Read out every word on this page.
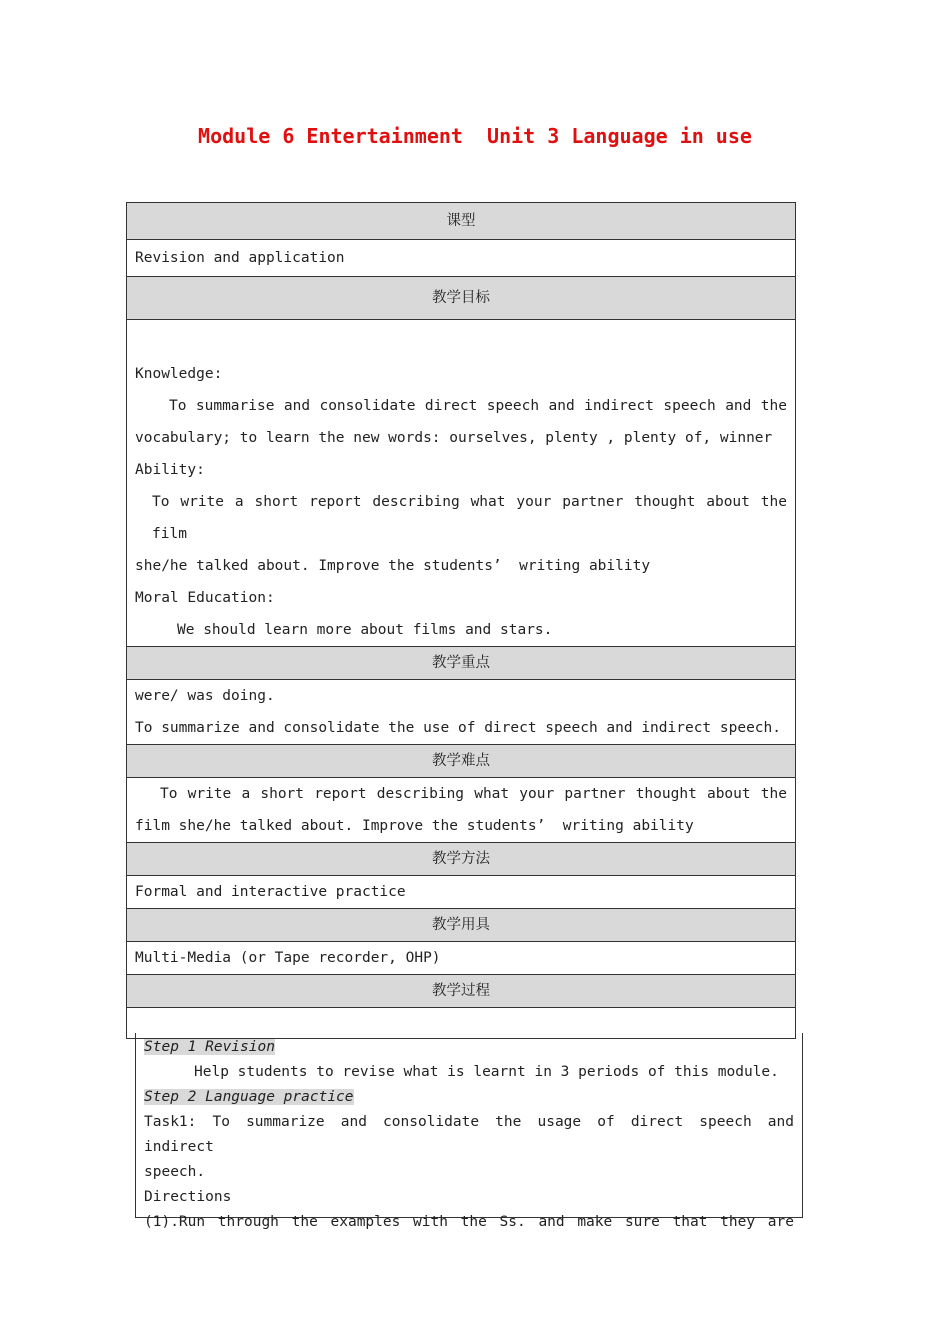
Module 6 Entertainment  Unit 3 Language in use
课型
Revision and application
教学目标

Knowledge:
To summarise and consolidate direct speech and indirect speech and the
vocabulary; to learn the new words: ourselves, plenty , plenty of, winner
Ability:
To write a short report describing what your partner thought about the film
she/he talked about. Improve the students’  writing ability
Moral Education:
We should learn more about films and stars.

教学重点

were/ was doing.
To summarize and consolidate the use of direct speech and indirect speech.

教学难点

To write a short report describing what your partner thought about the
film she/he talked about. Improve the students’  writing ability

教学方法
Formal and interactive practice
教学用具
Multi-Media (or Tape recorder, OHP)
教学过程

Step 1 Revision
Help students to revise what is learnt in 3 periods of this module.
Step 2 Language practice
Task1: To summarize and consolidate the usage of direct speech and indirect
speech.
Directions
(1).Run through the examples with the Ss. and make sure that they are
